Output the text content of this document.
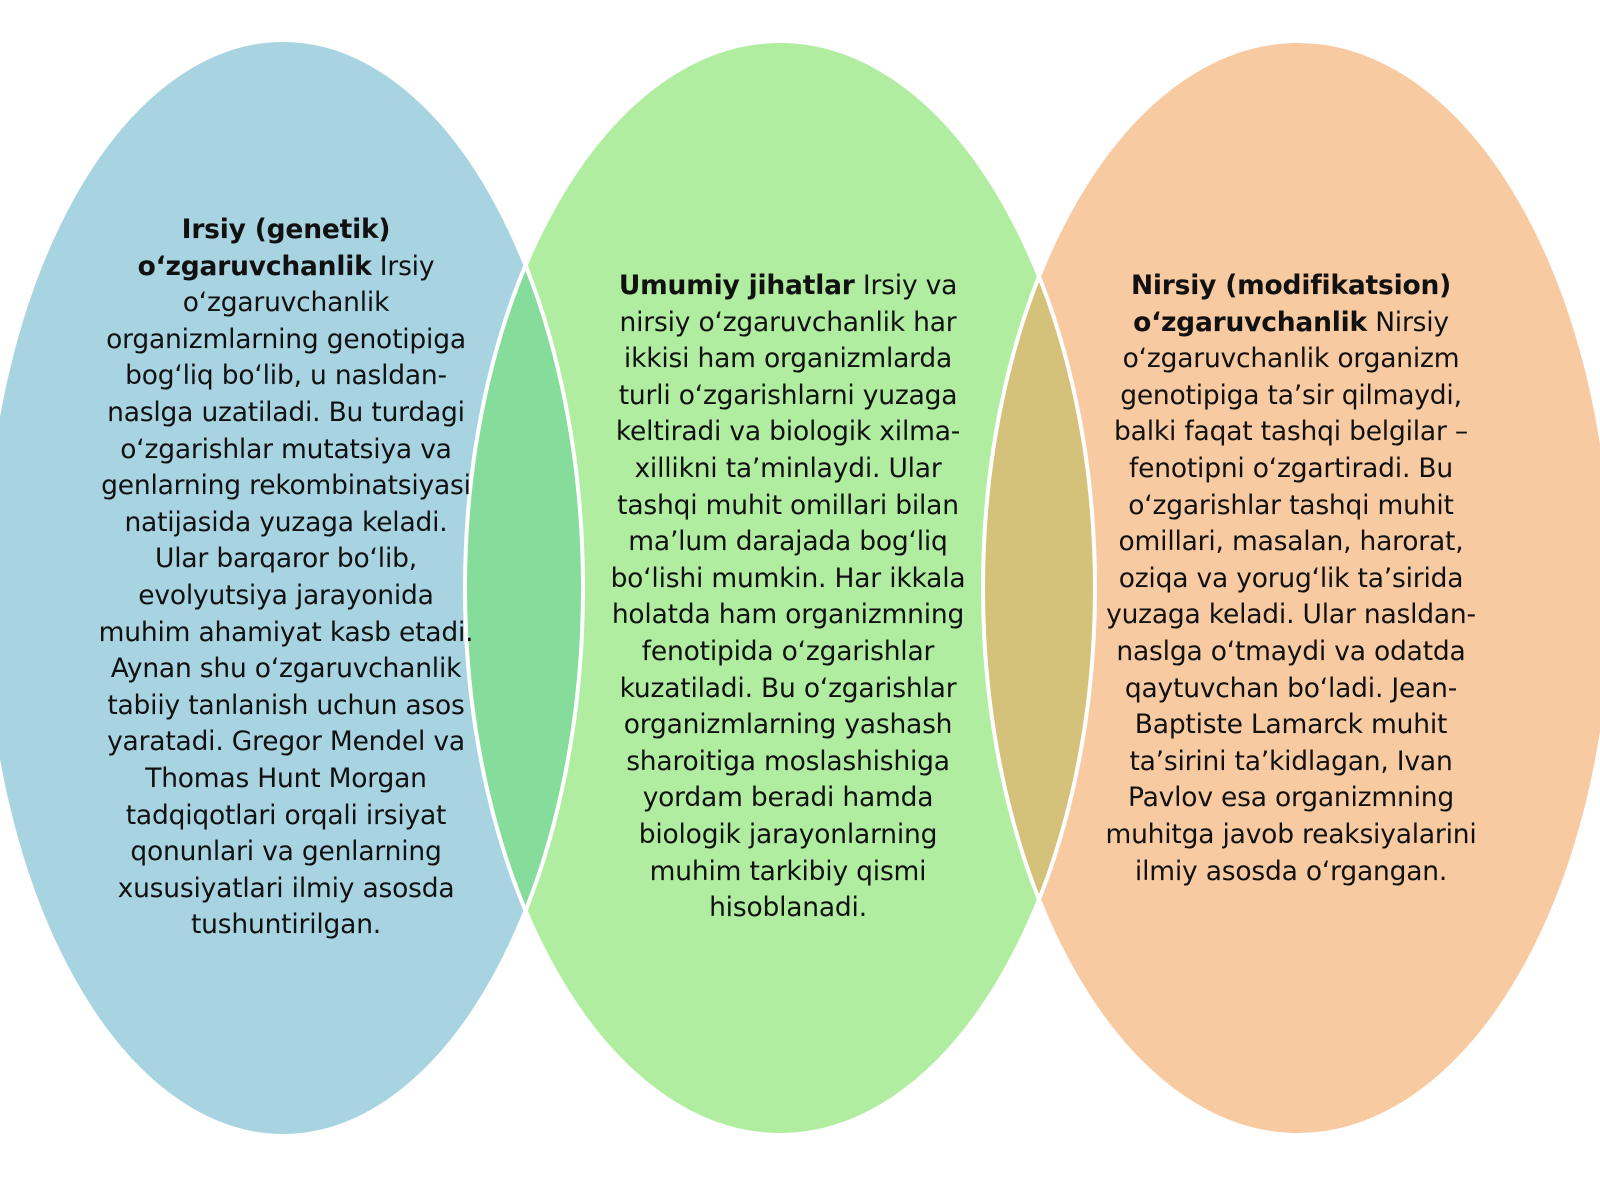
Irsiy (genetik) o‘zgaruvchanlik Irsiy o‘zgaruvchanlik organizmlarning genotipiga bog‘liq bo‘lib, u nasldan-naslga uzatiladi. Bu turdagi o‘zgarishlar mutatsiya va genlarning rekombinatsiyasi natijasida yuzaga keladi. Ular barqaror bo‘lib, evolyutsiya jarayonida muhim ahamiyat kasb etadi. Aynan shu o‘zgaruvchanlik tabiiy tanlanish uchun asos yaratadi. Gregor Mendel va Thomas Hunt Morgan tadqiqotlari orqali irsiyat qonunlari va genlarning xususiyatlari ilmiy asosda tushuntirilgan.
Umumiy jihatlar Irsiy va nirsiy o‘zgaruvchanlik har ikkisi ham organizmlarda turli o‘zgarishlarni yuzaga keltiradi va biologik xilma-xillikni ta’minlaydi. Ular tashqi muhit omillari bilan ma’lum darajada bog‘liq bo‘lishi mumkin. Har ikkala holatda ham organizmning fenotipida o‘zgarishlar kuzatiladi. Bu o‘zgarishlar organizmlarning yashash sharoitiga moslashishiga yordam beradi hamda biologik jarayonlarning muhim tarkibiy qismi hisoblanadi.
Nirsiy (modifikatsion) o‘zgaruvchanlik Nirsiy o‘zgaruvchanlik organizm genotipiga ta’sir qilmaydi, balki faqat tashqi belgilar – fenotipni o‘zgartiradi. Bu o‘zgarishlar tashqi muhit omillari, masalan, harorat, oziqa va yorug‘lik ta’sirida yuzaga keladi. Ular nasldan-naslga o‘tmaydi va odatda qaytuvchan bo‘ladi. Jean-Baptiste Lamarck muhit ta’sirini ta’kidlagan, Ivan Pavlov esa organizmning muhitga javob reaksiyalarini ilmiy asosda o‘rgangan.
